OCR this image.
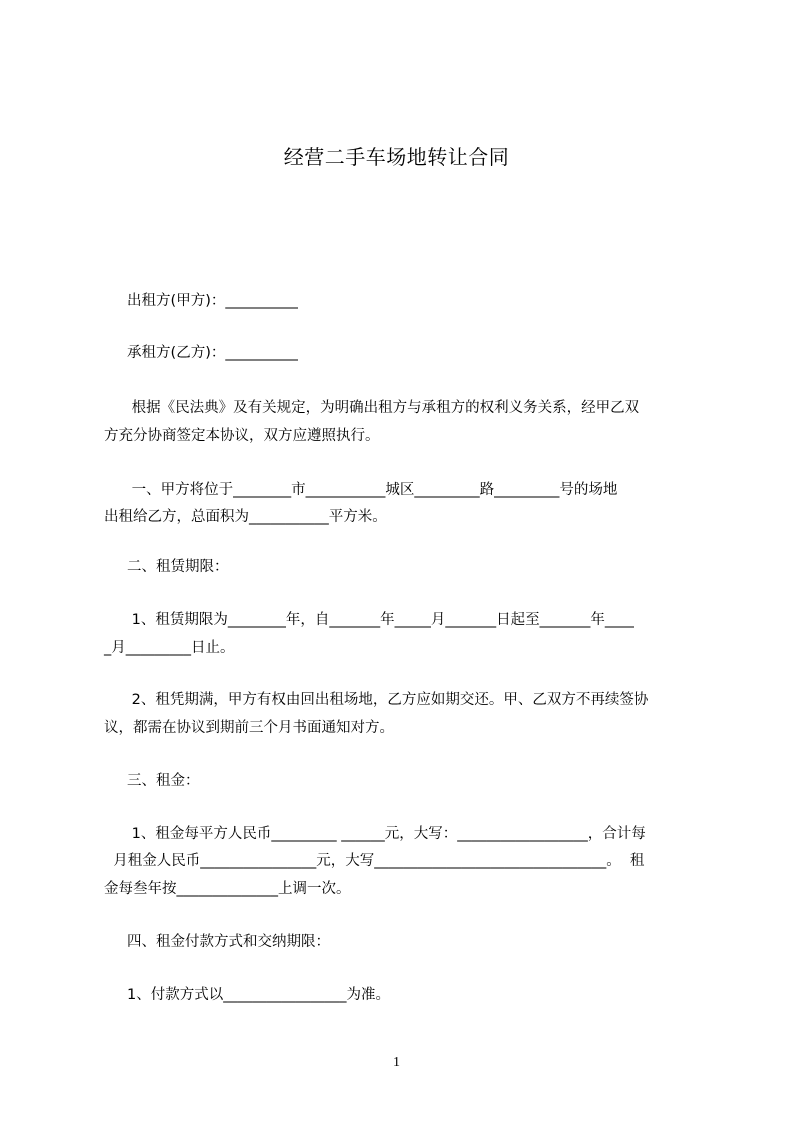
经营二手车场地转让合同
出租方(甲方)：__________
承租方(乙方)：__________
根据《民法典》及有关规定，为明确出租方与承租方的权利义务关系，经甲乙双
方充分协商签定本协议，双方应遵照执行。
一、甲方将位于________市___________城区_________路_________号的场地
出租给乙方，总面积为___________平方米。
二、租赁期限：
1、租赁期限为________年，自_______年_____月_______日起至_______年____
_月_________日止。
2、租凭期满，甲方有权由回出租场地，乙方应如期交还。甲、乙双方不再续签协
议，都需在协议到期前三个月书面通知对方。
三、租金：
1、租金每平方人民币_________ ______元，大写：__________________，合计每
月租金人民币________________元，大写________________________________。  租
金每叁年按______________上调一次。
四、租金付款方式和交纳期限：
1、付款方式以_________________为准。
1
